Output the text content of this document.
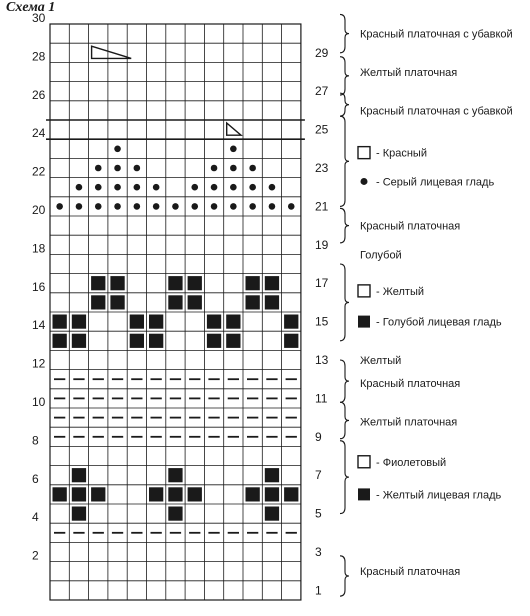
Схема 1
2
4
6
8
10
12
14
16
18
20
22
24
26
28
30
1
3
5
7
9
11
13
15
17
19
21
23
25
27
29
Красный платочная с убавкой
Желтый платочная
Красный платочная с убавкой
- Красный
- Серый лицевая гладь
Красный платочная
Голубой
- Желтый
- Голубой лицевая гладь
Желтый
Красный платочная
Желтый платочная
- Фиолетовый
- Желтый лицевая гладь
Красный платочная
